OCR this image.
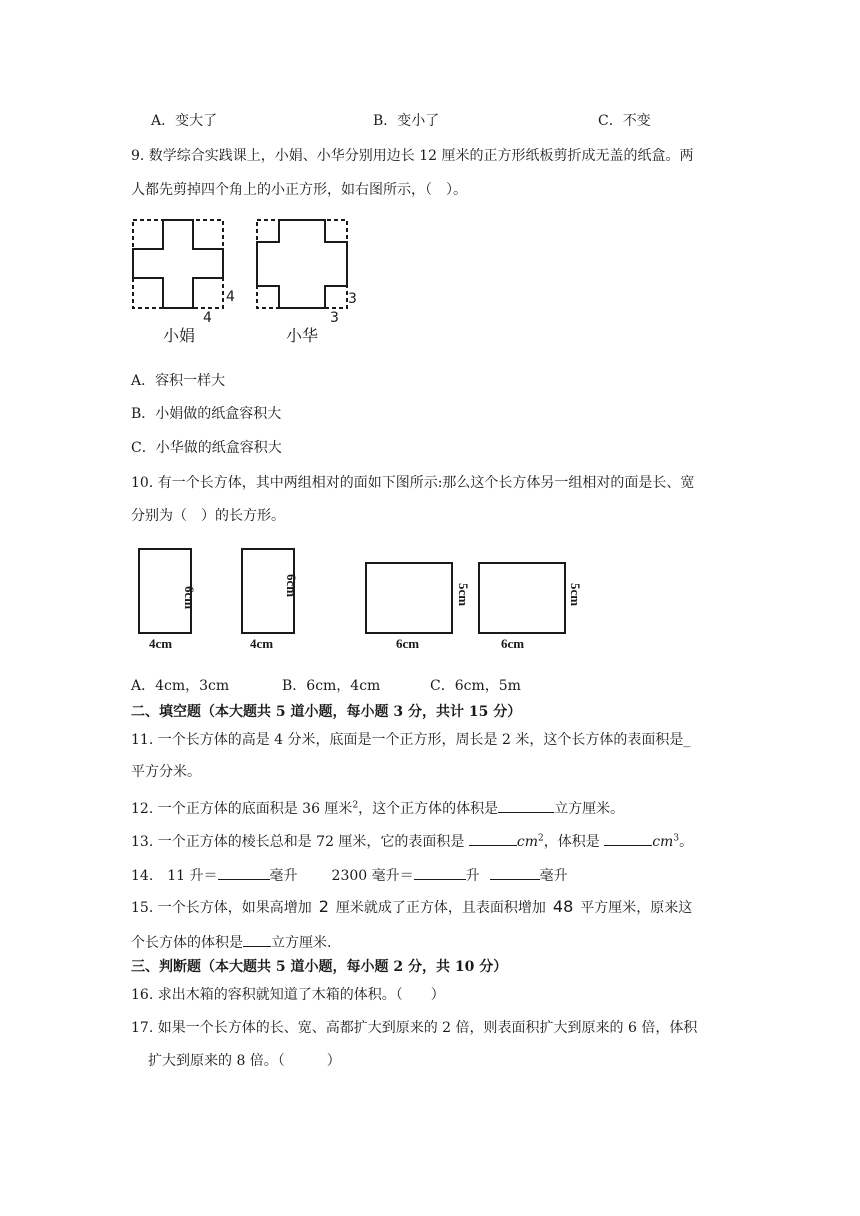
A．变大了	B．变小了	C．不变
9. 数学综合实践课上，小娟、小华分别用边长 12 厘米的正方形纸板剪折成无盖的纸盒。两
人都先剪掉四个角上的小正方形，如右图所示，（　）。
4
4
小娟
3
3
小华
A．容积一样大
B．小娟做的纸盒容积大
C．小华做的纸盒容积大
10. 有一个长方体，其中两组相对的面如下图所示:那么这个长方体另一组相对的面是长、宽
分别为（　）的长方形。
6cm
4cm
6cm
4cm
5cm
6cm
5cm
6cm
A．4cm，3cm	B．6cm，4cm	C．6cm，5m
二、填空题（本大题共 5 道小题，每小题 3 分，共计 15 分）
11. 一个长方体的高是 4 分米，底面是一个正方形，周长是 2 米，这个长方体的表面积是_
平方分米。
12. 一个正方体的底面积是 36 厘米$^2$，这个正方体的体积是	立方厘米。
13. 一个正方体的棱长总和是 72 厘米，它的表面积是	$cm^2$，体积是	$cm^3$。
14.　11 升＝	毫升 2300 毫升＝	升	毫升
15. 一个长方体，如果高增加 2 厘米就成了正方体，且表面积增加 48 平方厘米，原来这
个长方体的体积是 立方厘米.
三、判断题（本大题共 5 道小题，每小题 2 分，共 10 分）
16. 求出木箱的容积就知道了木箱的体积。（　　）
17. 如果一个长方体的长、宽、高都扩大到原来的 2 倍，则表面积扩大到原来的 6 倍，体积
扩大到原来的 8 倍。（　　　）
